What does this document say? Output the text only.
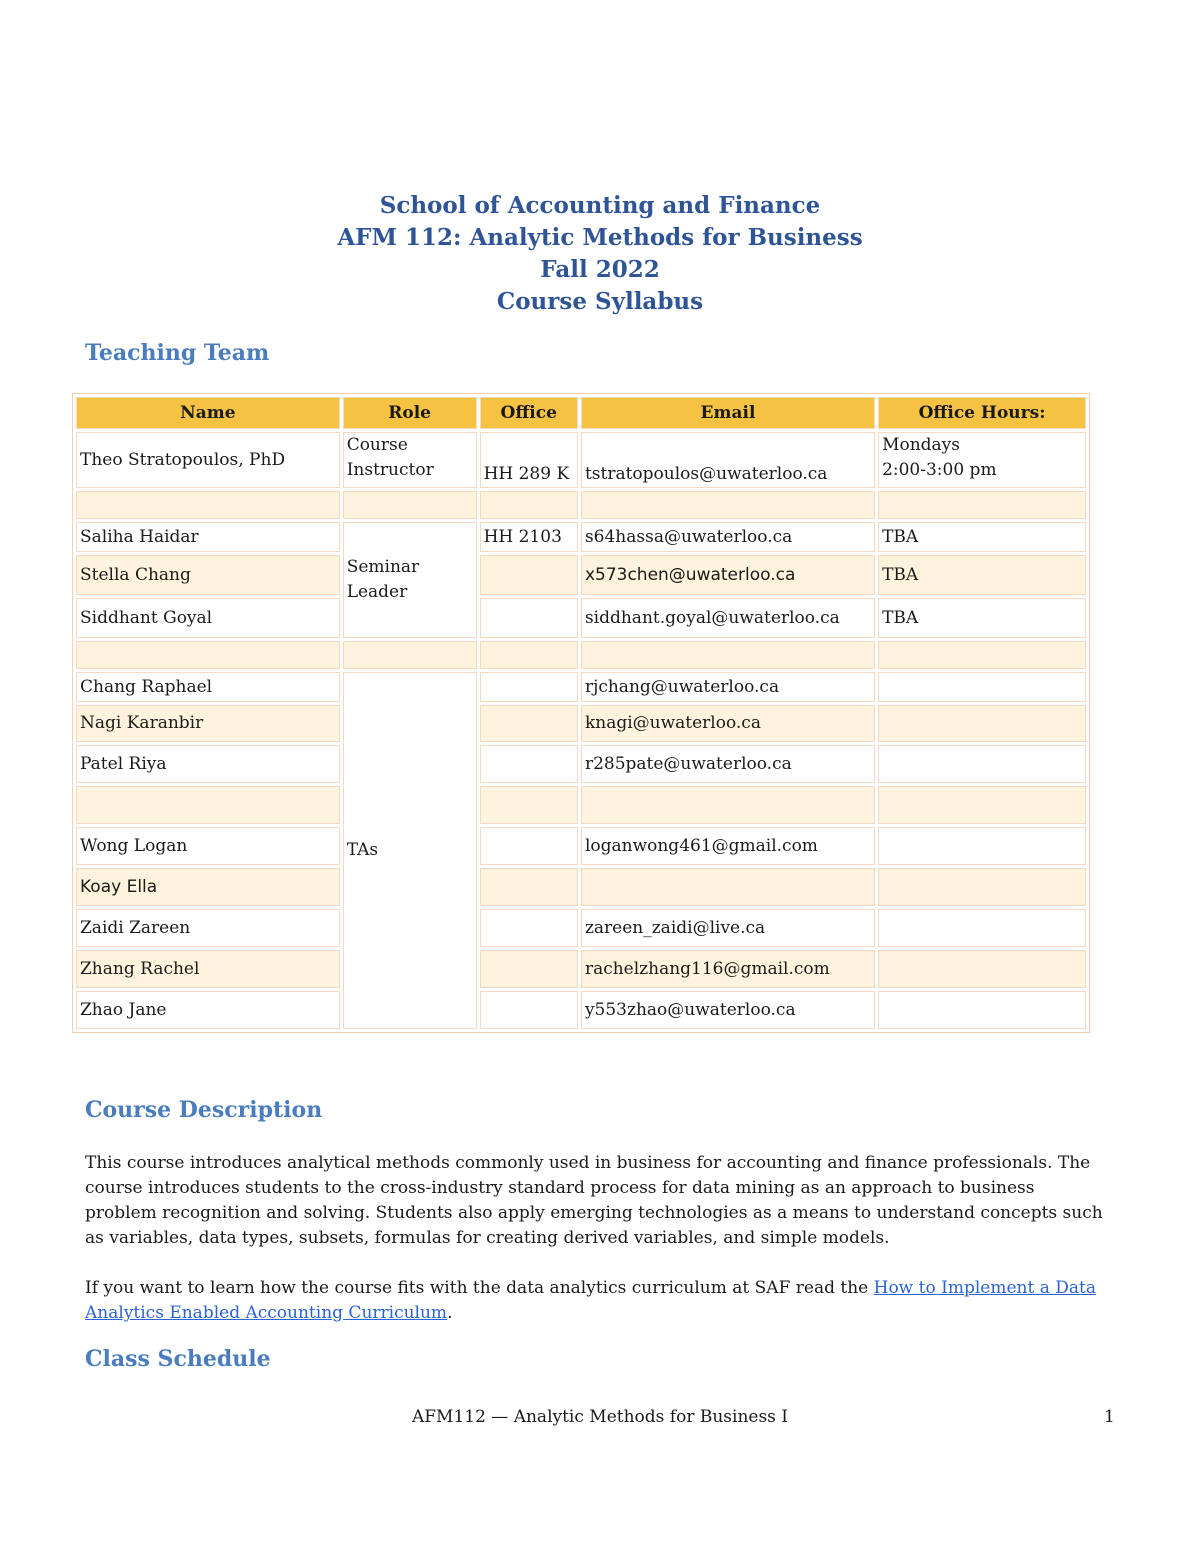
School of Accounting and Finance
AFM 112: Analytic Methods for Business
Fall 2022
Course Syllabus
Teaching Team
Name	Role	Office	Email	Office Hours:
Theo Stratopoulos, PhD	Course Instructor	HH 289 K	tstratopoulos@uwaterloo.ca	Mondays
2:00-3:00 pm

Saliha Haidar	Seminar Leader	HH 2103	s64hassa@uwaterloo.ca	TBA
Stella Chang			x573chen@uwaterloo.ca	TBA
Siddhant Goyal			siddhant.goyal@uwaterloo.ca	TBA

Chang Raphael	TAs		rjchang@uwaterloo.ca	
Nagi Karanbir			knagi@uwaterloo.ca	
Patel Riya			r285pate@uwaterloo.ca	

Wong Logan			loganwong461@gmail.com	
Koay Ella				
Zaidi Zareen			zareen_zaidi@live.ca	
Zhang Rachel			rachelzhang116@gmail.com	
Zhao Jane			y553zhao@uwaterloo.ca	
Course Description
This course introduces analytical methods commonly used in business for accounting and finance professionals. The course introduces students to the cross-industry standard process for data mining as an approach to business problem recognition and solving. Students also apply emerging technologies as a means to understand concepts such as variables, data types, subsets, formulas for creating derived variables, and simple models.
If you want to learn how the course fits with the data analytics curriculum at SAF read the How to Implement a Data Analytics Enabled Accounting Curriculum.
Class Schedule
AFM112 — Analytic Methods for Business I	1
